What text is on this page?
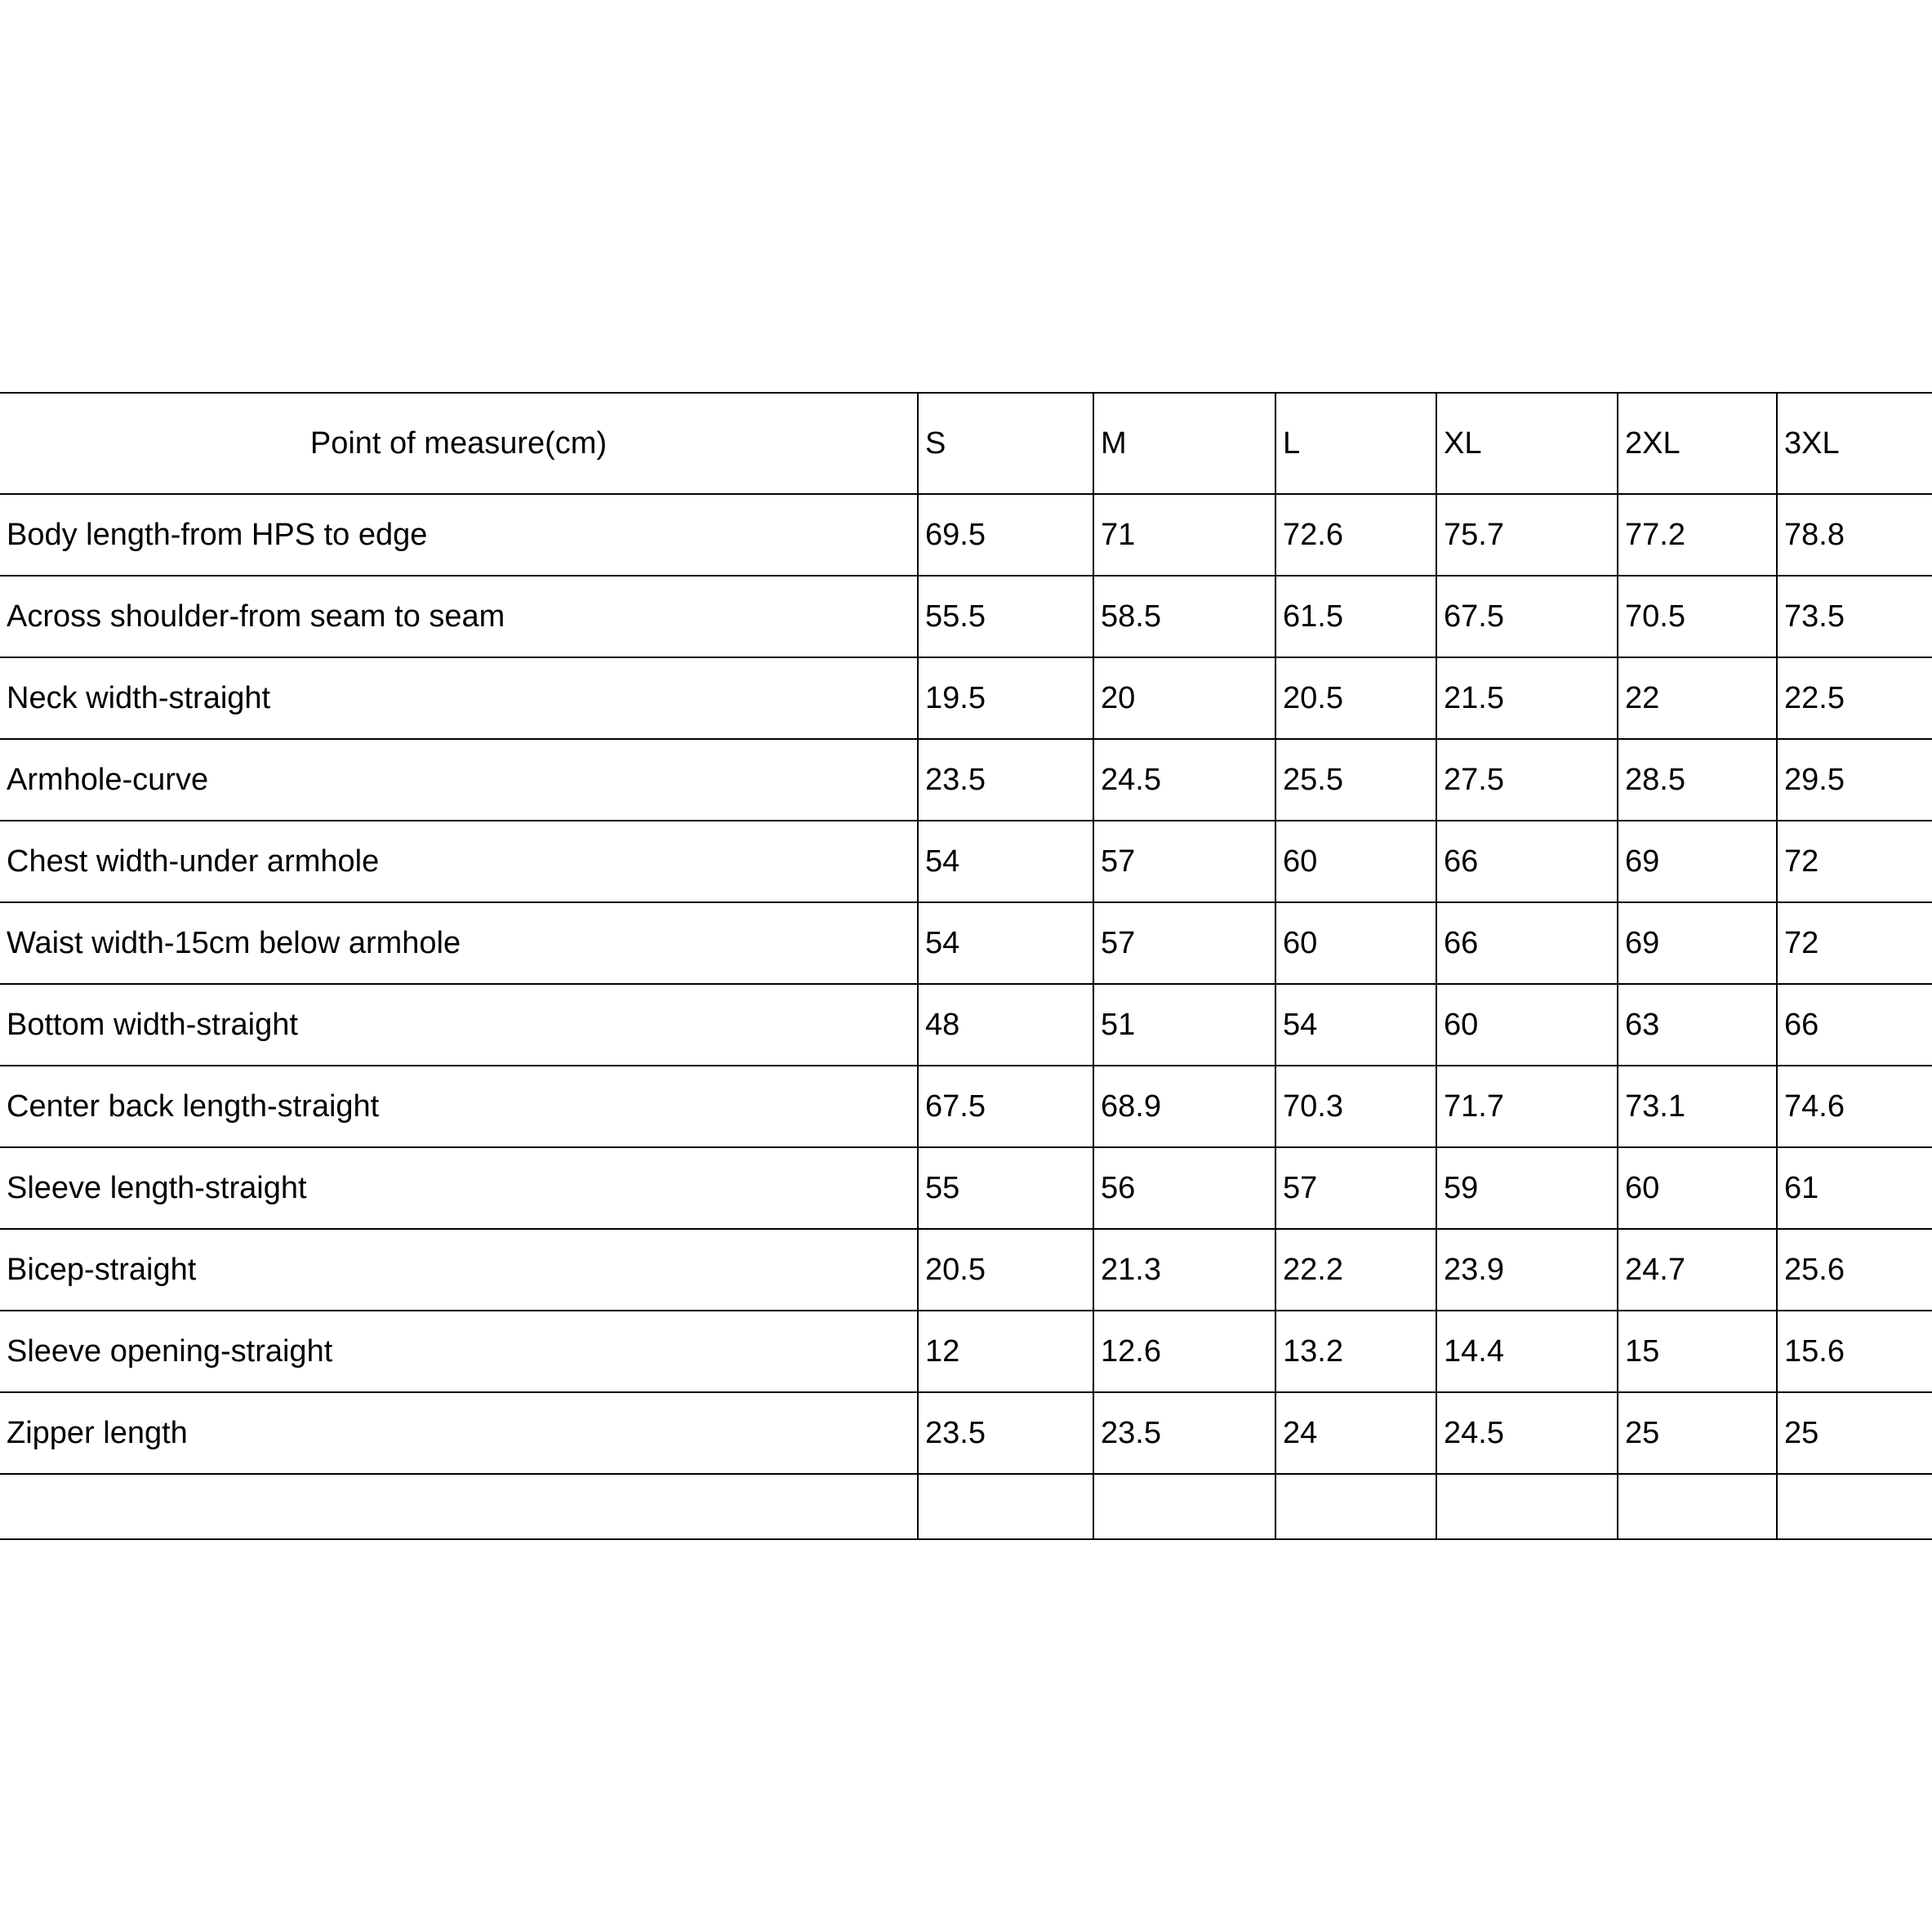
Point of measure(cm)	S	M	L	XL	2XL	3XL
Body length-from HPS to edge	69.5	71	72.6	75.7	77.2	78.8
Across shoulder-from seam to seam	55.5	58.5	61.5	67.5	70.5	73.5
Neck width-straight	19.5	20	20.5	21.5	22	22.5
Armhole-curve	23.5	24.5	25.5	27.5	28.5	29.5
Chest width-under armhole	54	57	60	66	69	72
Waist width-15cm below armhole	54	57	60	66	69	72
Bottom width-straight	48	51	54	60	63	66
Center back length-straight	67.5	68.9	70.3	71.7	73.1	74.6
Sleeve length-straight	55	56	57	59	60	61
Bicep-straight	20.5	21.3	22.2	23.9	24.7	25.6
Sleeve opening-straight	12	12.6	13.2	14.4	15	15.6
Zipper length	23.5	23.5	24	24.5	25	25
